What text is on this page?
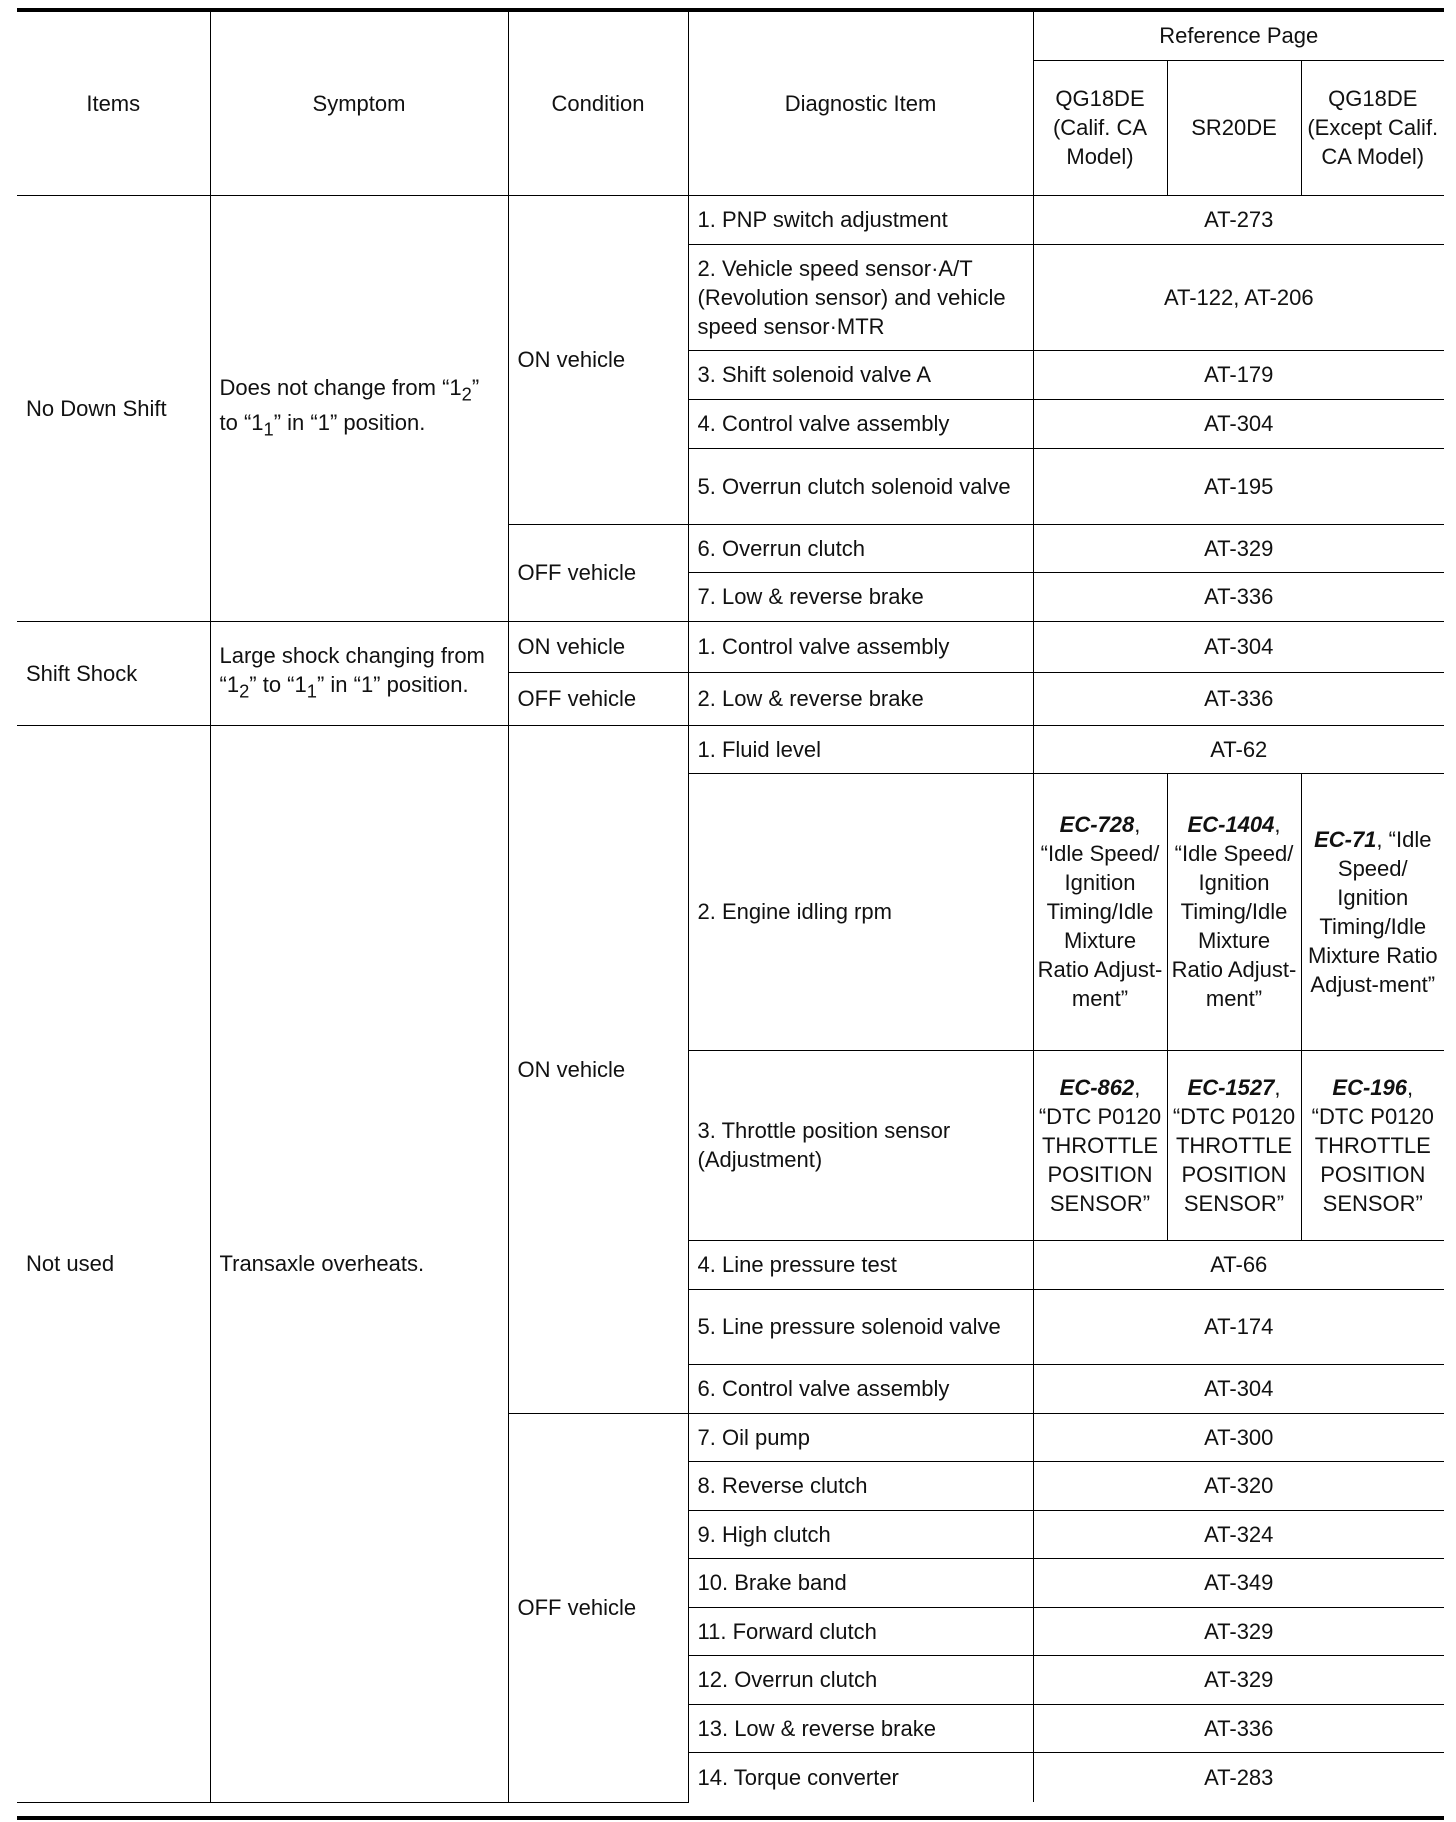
Items	Symptom	Condition	Diagnostic Item	Reference Page		
				QG18DE (Calif. CA Model)	SR20DE	QG18DE (Except Calif. CA Model)
No Down Shift	Does not change from “$1_2$” to “$1_1$” in “1” position.	ON vehicle	1. PNP switch adjustment	AT-273		
			2. Vehicle speed sensor·A/T (Revolution sensor) and vehicle speed sensor·MTR	AT-122, AT-206		
			3. Shift solenoid valve A	AT-179		
			4. Control valve assembly	AT-304		
			5. Overrun clutch solenoid valve	AT-195		
		OFF vehicle	6. Overrun clutch	AT-329		
			7. Low & reverse brake	AT-336		
Shift Shock	Large shock changing from “$1_2$” to “$1_1$” in “1” position.	ON vehicle	1. Control valve assembly	AT-304		
		OFF vehicle	2. Low & reverse brake	AT-336		
Not used	Transaxle overheats.	ON vehicle	1. Fluid level	AT-62		
			2. Engine idling rpm	EC-728, “Idle Speed/ Ignition Timing/Idle Mixture Ratio Adjust-ment”	EC-1404, “Idle Speed/ Ignition Timing/Idle Mixture Ratio Adjust-ment”	EC-71, “Idle Speed/ Ignition Timing/Idle Mixture Ratio Adjust-ment”
			3. Throttle position sensor (Adjustment)	EC-862, “DTC P0120 THROTTLE POSITION SENSOR”	EC-1527, “DTC P0120 THROTTLE POSITION SENSOR”	EC-196, “DTC P0120 THROTTLE POSITION SENSOR”
			4. Line pressure test	AT-66		
			5. Line pressure solenoid valve	AT-174		
			6. Control valve assembly	AT-304		
		OFF vehicle	7. Oil pump	AT-300		
			8. Reverse clutch	AT-320		
			9. High clutch	AT-324		
			10. Brake band	AT-349		
			11. Forward clutch	AT-329		
			12. Overrun clutch	AT-329		
			13. Low & reverse brake	AT-336		
			14. Torque converter	AT-283		
